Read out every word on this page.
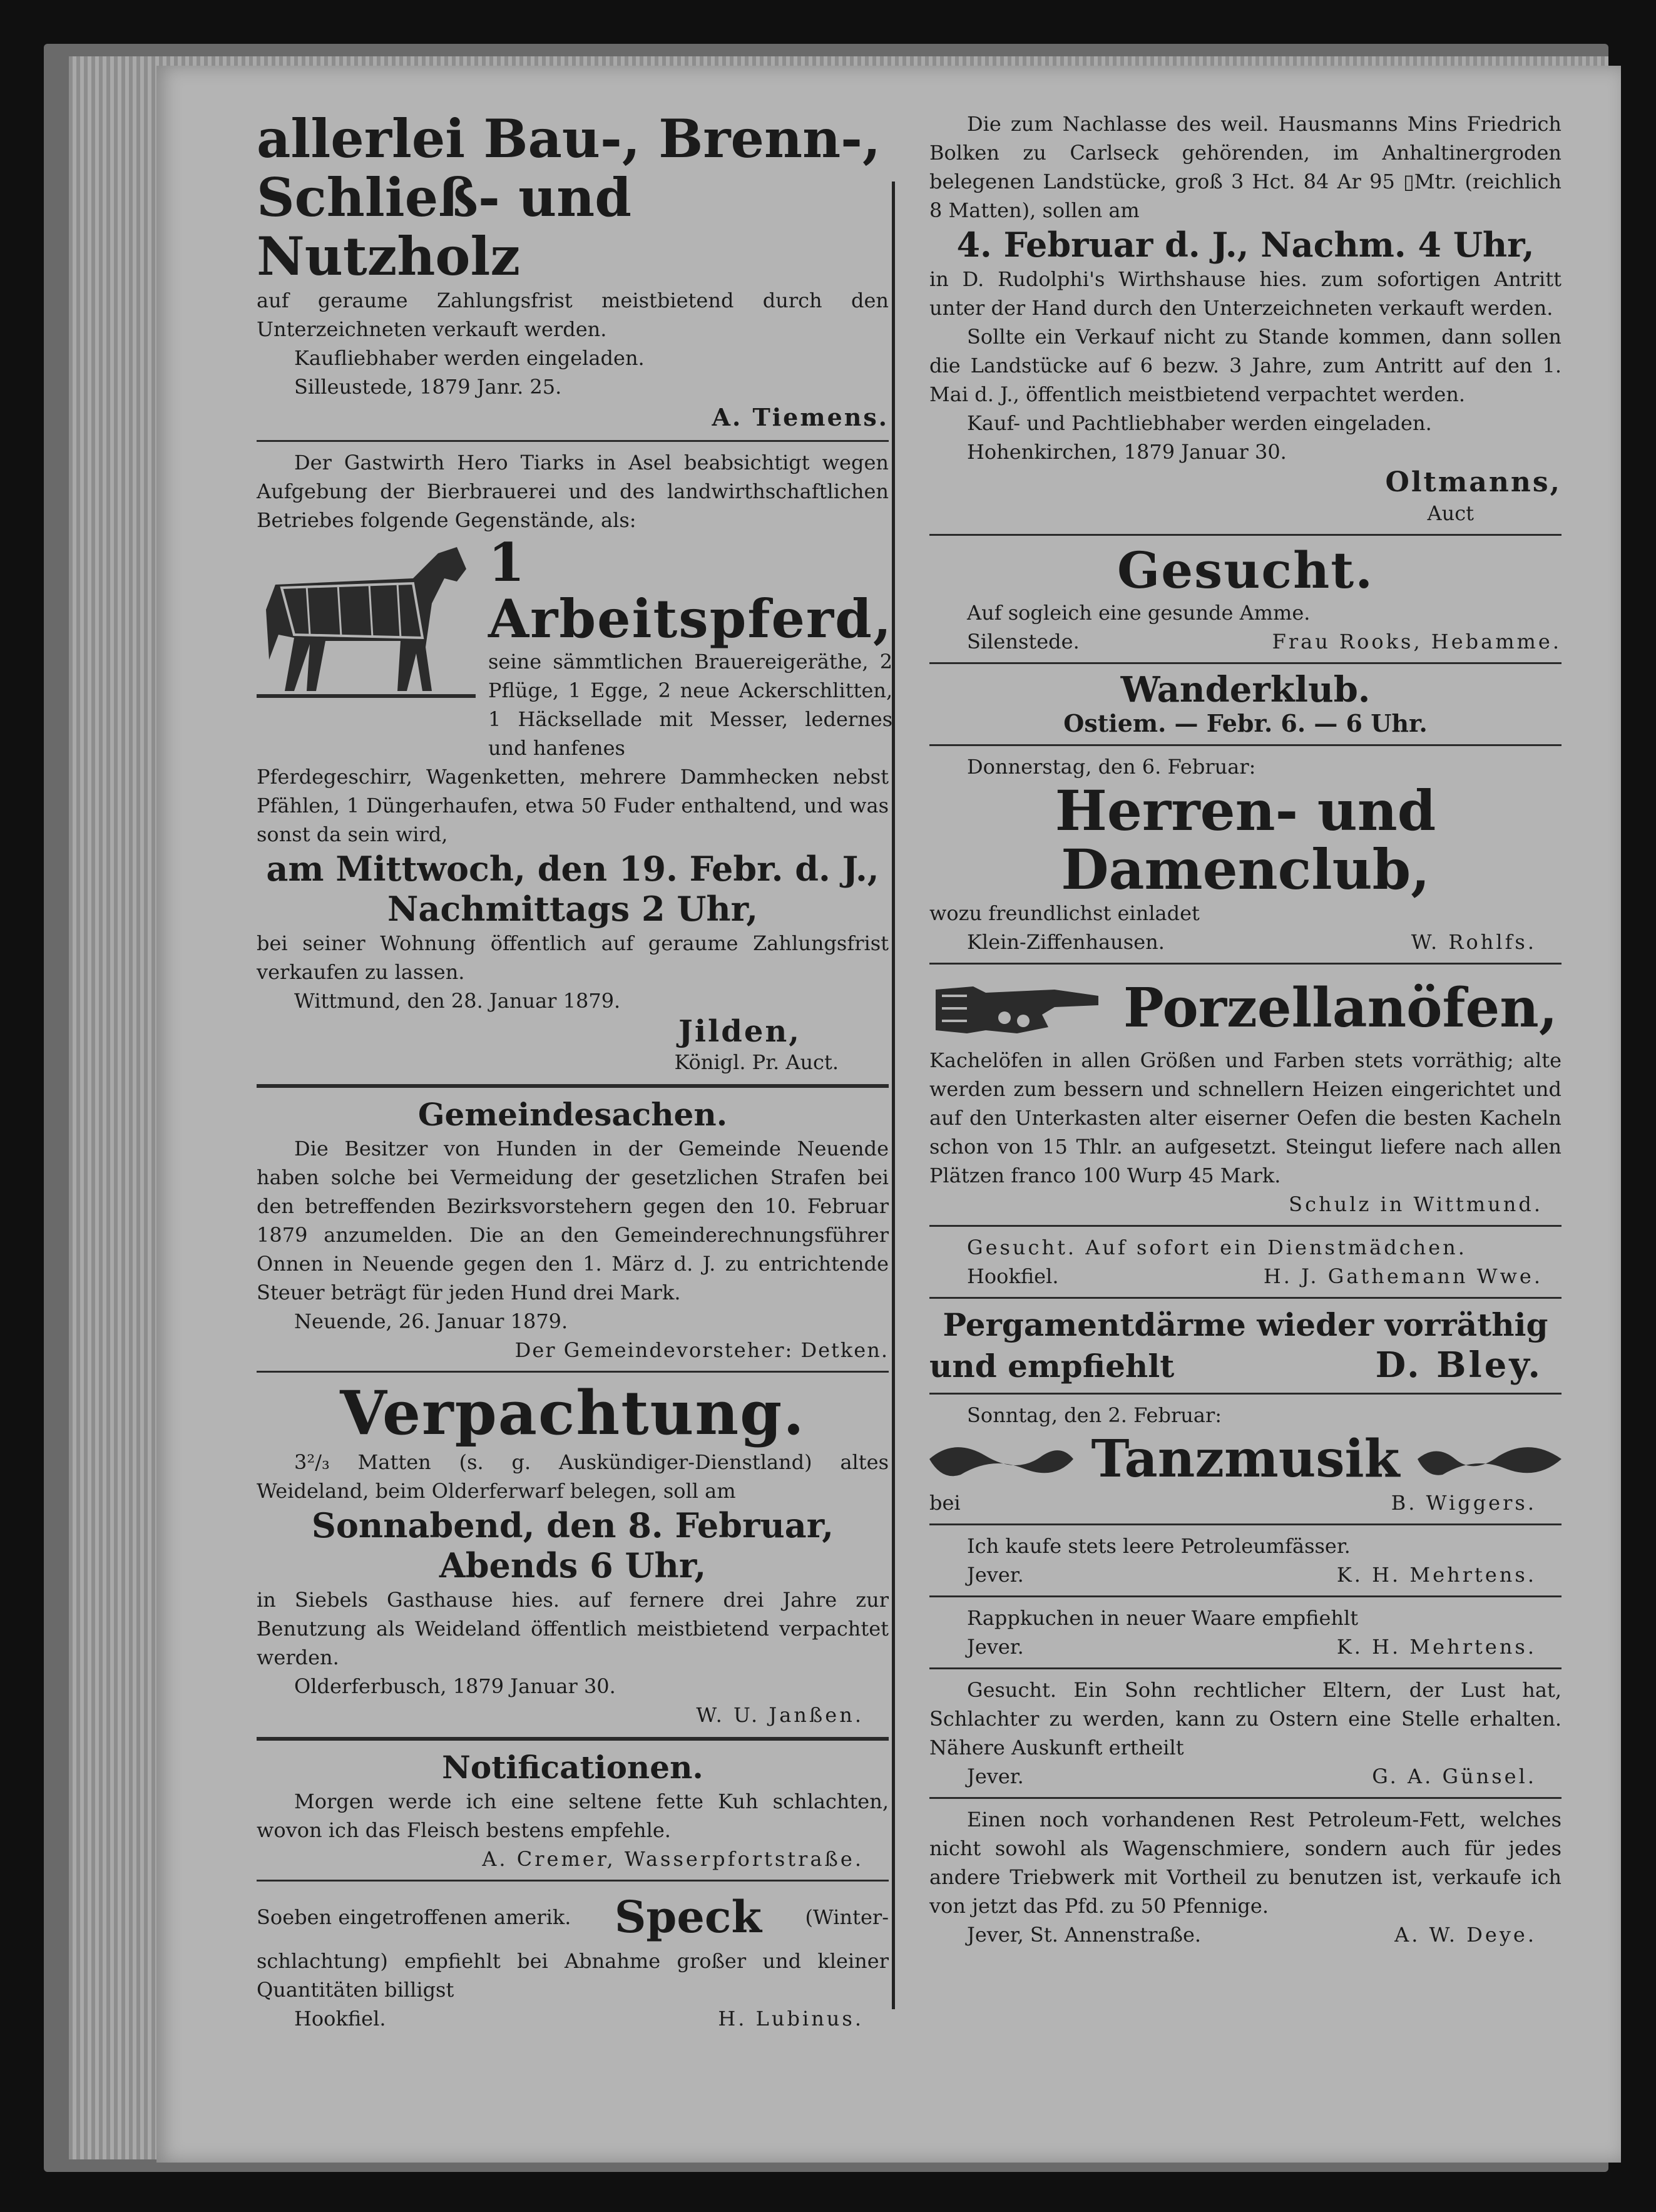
allerlei Bau-, Brenn-,
Schließ- und Nutzholz

auf geraume Zahlungsfrist meistbietend durch den Unterzeichneten verkauft werden.

Kaufliebhaber werden eingeladen.

Silleustede, 1879 Janr. 25.

A. Tiemens.

Der Gastwirth Hero Tiarks in Asel beabsichtigt wegen Aufgebung der Bierbrauerei und des landwirthschaftlichen Betriebes folgende Gegenstände, als:

1 Arbeitspferd,

seine sämmtlichen Brauereigeräthe, 2 Pflüge, 1 Egge, 2 neue Ackerschlitten, 1 Häcksellade mit Messer, ledernes und hanfenes

Pferdegeschirr, Wagenketten, mehrere Dammhecken nebst Pfählen, 1 Düngerhaufen, etwa 50 Fuder enthaltend, und was sonst da sein wird,

am Mittwoch, den 19. Febr. d. J.,
Nachmittags 2 Uhr,

bei seiner Wohnung öffentlich auf geraume Zahlungsfrist verkaufen zu lassen.

Wittmund, den 28. Januar 1879.

Jilden,
Königl. Pr. Auct.
Gemeindesachen.

Die Besitzer von Hunden in der Gemeinde Neuende haben solche bei Vermeidung der gesetzlichen Strafen bei den betreffenden Bezirksvorstehern gegen den 10. Februar 1879 anzumelden. Die an den Gemeinderechnungsführer Onnen in Neuende gegen den 1. März d. J. zu entrichtende Steuer beträgt für jeden Hund drei Mark.

Neuende, 26. Januar 1879.

Der Gemeindevorsteher: Detken.
Verpachtung.

3²/₃ Matten (s. g. Auskündiger-Dienstland) altes Weideland, beim Olderferwarf belegen, soll am

Sonnabend, den 8. Februar,
Abends 6 Uhr,

in Siebels Gasthause hies. auf fernere drei Jahre zur Benutzung als Weideland öffentlich meistbietend verpachtet werden.

Olderferbusch, 1879 Januar 30.

W. U. Janßen.
Notificationen.

Morgen werde ich eine seltene fette Kuh schlachten, wovon ich das Fleisch bestens empfehle.

A. Cremer, Wasserpfortstraße.
Soeben eingetroffenen amerik. Speck (Winter-

schlachtung) empfiehlt bei Abnahme großer und kleiner Quantitäten billigst

Hookfiel.	H. Lubinus.

Die zum Nachlasse des weil. Hausmanns Mins Friedrich Bolken zu Carlseck gehörenden, im Anhaltinergroden belegenen Landstücke, groß 3 Hct. 84 Ar 95 ▯Mtr. (reichlich 8 Matten), sollen am

4. Februar d. J., Nachm. 4 Uhr,

in D. Rudolphi's Wirthshause hies. zum sofortigen Antritt unter der Hand durch den Unterzeichneten verkauft werden.

Sollte ein Verkauf nicht zu Stande kommen, dann sollen die Landstücke auf 6 bezw. 3 Jahre, zum Antritt auf den 1. Mai d. J., öffentlich meistbietend verpachtet werden.

Kauf- und Pachtliebhaber werden eingeladen.

Hohenkirchen, 1879 Januar 30.

Oltmanns,
Auct
Gesucht.

Auf sogleich eine gesunde Amme.

Silenstede.	Frau Rooks, Hebamme.
Wanderklub.
Ostiem. — Febr. 6. — 6 Uhr.

Donnerstag, den 6. Februar:

Herren- und Damenclub,

wozu freundlichst einladet

Klein-Ziffenhausen.	W. Rohlfs.
Porzellanöfen,

Kachelöfen in allen Größen und Farben stets vorräthig; alte werden zum bessern und schnellern Heizen eingerichtet und auf den Unterkasten alter eiserner Oefen die besten Kacheln schon von 15 Thlr. an aufgesetzt. Steingut liefere nach allen Plätzen franco 100 Wurp 45 Mark.

Schulz in Wittmund.

Gesucht. Auf sofort ein Dienstmädchen.

Hookfiel.	H. J. Gathemann Wwe.
Pergamentdärme wieder vorräthig
und empfiehlt	D. Bley.

Sonntag, den 2. Februar:

Tanzmusik
bei	B. Wiggers.

Ich kaufe stets leere Petroleumfässer.

Jever.	K. H. Mehrtens.

Rappkuchen in neuer Waare empfiehlt

Jever.	K. H. Mehrtens.

Gesucht. Ein Sohn rechtlicher Eltern, der Lust hat, Schlachter zu werden, kann zu Ostern eine Stelle erhalten. Nähere Auskunft ertheilt

Jever.	G. A. Günsel.

Einen noch vorhandenen Rest Petroleum-Fett, welches nicht sowohl als Wagenschmiere, sondern auch für jedes andere Triebwerk mit Vortheil zu benutzen ist, verkaufe ich von jetzt das Pfd. zu 50 Pfennige.

Jever, St. Annenstraße.	A. W. Deye.
